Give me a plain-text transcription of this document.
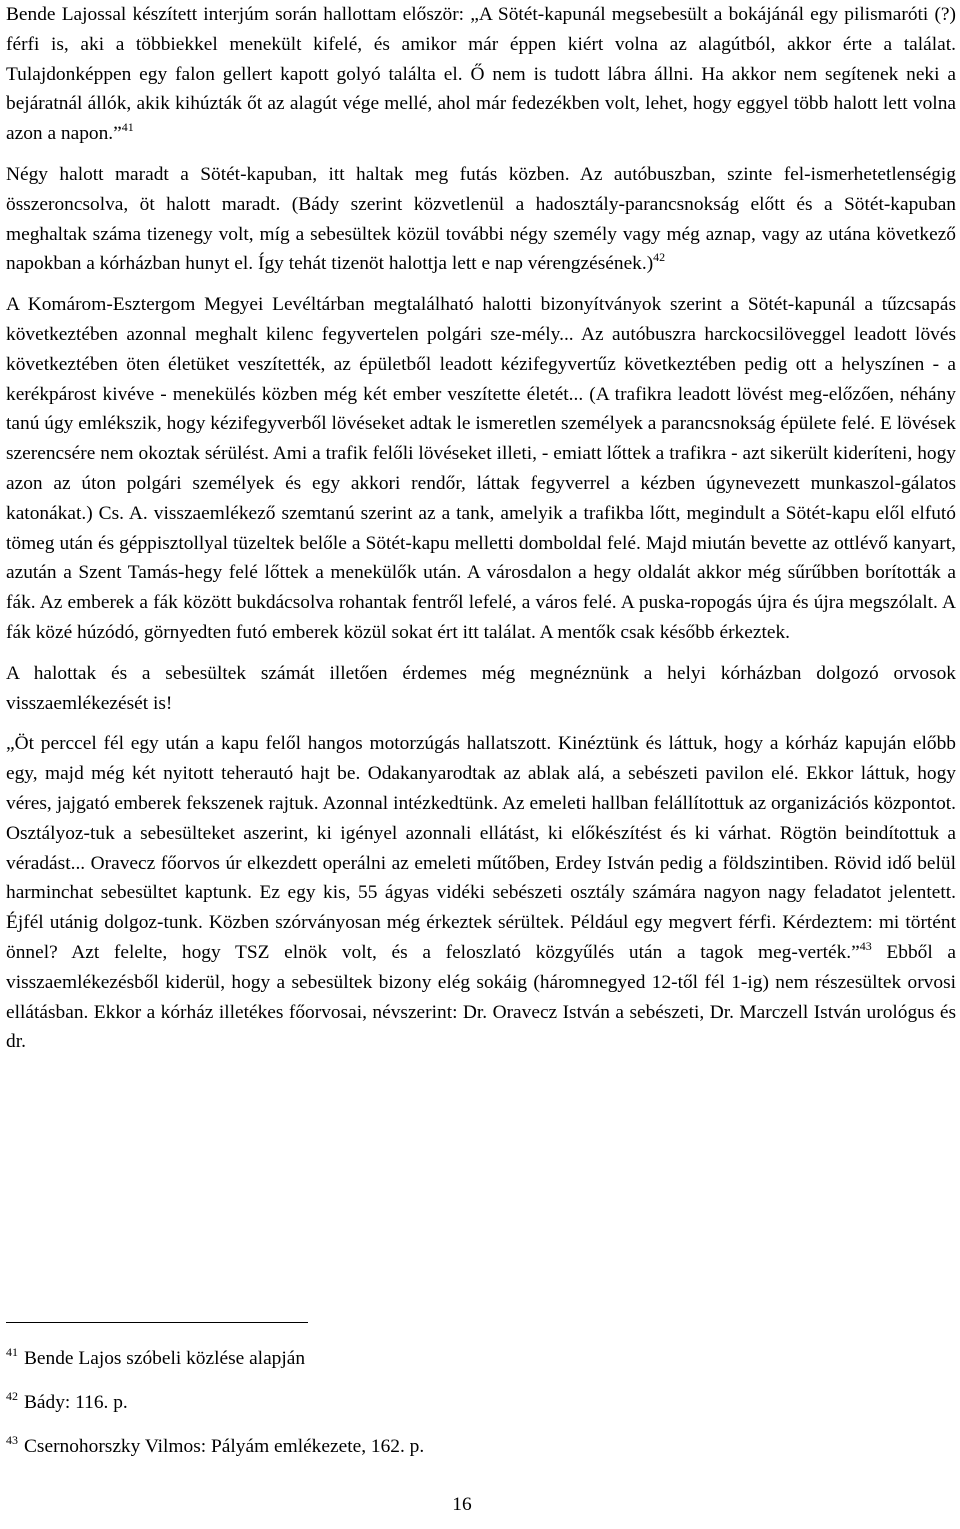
Bende Lajossal készített interjúm során hallottam először: „A Sötét-kapunál megsebesült a bokájánál egy pilismaróti (?) férfi is, aki a többiekkel menekült kifelé, és amikor már éppen kiért volna az alagútból, akkor érte a találat. Tulajdonképpen egy falon gellert kapott golyó találta el. Ő nem is tudott lábra állni. Ha akkor nem segítenek neki a bejáratnál állók, akik kihúzták őt az alagút vége mellé, ahol már fedezékben volt, lehet, hogy eggyel több halott lett volna azon a napon.”$^{41}$

Négy halott maradt a Sötét-kapuban, itt haltak meg futás közben. Az autóbuszban, szinte fel-ismerhetetlenségig összeroncsolva, öt halott maradt. (Bády szerint közvetlenül a hadosztály-parancsnokság előtt és a Sötét-kapuban meghaltak száma tizenegy volt, míg a sebesültek közül további négy személy vagy még aznap, vagy az utána következő napokban a kórházban hunyt el. Így tehát tizenöt halottja lett e nap vérengzésének.)$^{42}$

A Komárom-Esztergom Megyei Levéltárban megtalálható halotti bizonyítványok szerint a Sötét-kapunál a tűzcsapás következtében azonnal meghalt kilenc fegyvertelen polgári sze-mély... Az autóbuszra harckocsilöveggel leadott lövés következtében öten életüket veszítették, az épületből leadott kézifegyvertűz következtében pedig ott a helyszínen - a kerékpárost kivéve - menekülés közben még két ember veszítette életét... (A trafikra leadott lövést meg-előzően, néhány tanú úgy emlékszik, hogy kézifegyverből lövéseket adtak le ismeretlen személyek a parancsnokság épülete felé. E lövések szerencsére nem okoztak sérülést. Ami a trafik felőli lövéseket illeti, - emiatt lőttek a trafikra - azt sikerült kideríteni, hogy azon az úton polgári személyek és egy akkori rendőr, láttak fegyverrel a kézben úgynevezett munkaszol-gálatos katonákat.) Cs. A. visszaemlékező szemtanú szerint az a tank, amelyik a trafikba lőtt, megindult a Sötét-kapu elől elfutó tömeg után és géppisztollyal tüzeltek belőle a Sötét-kapu melletti domboldal felé. Majd miután bevette az ottlévő kanyart, azután a Szent Tamás-hegy felé lőttek a menekülők után. A városdalon a hegy oldalát akkor még sűrűbben borították a fák. Az emberek a fák között bukdácsolva rohantak fentről lefelé, a város felé. A puska-ropogás újra és újra megszólalt. A fák közé húzódó, görnyedten futó emberek közül sokat ért itt találat. A mentők csak később érkeztek.

A halottak és a sebesültek számát illetően érdemes még megnéznünk a helyi kórházban dolgozó orvosok visszaemlékezését is!

„Öt perccel fél egy után a kapu felől hangos motorzúgás hallatszott. Kinéztünk és láttuk, hogy a kórház kapuján előbb egy, majd még két nyitott teherautó hajt be. Odakanyarodtak az ablak alá, a sebészeti pavilon elé. Ekkor láttuk, hogy véres, jajgató emberek fekszenek rajtuk. Azonnal intézkedtünk. Az emeleti hallban felállítottuk az organizációs központot. Osztályoz-tuk a sebesülteket aszerint, ki igényel azonnali ellátást, ki előkészítést és ki várhat. Rögtön beindítottuk a véradást... Oravecz főorvos úr elkezdett operálni az emeleti műtőben, Erdey István pedig a földszintiben. Rövid idő belül harminchat sebesültet kaptunk. Ez egy kis, 55 ágyas vidéki sebészeti osztály számára nagyon nagy feladatot jelentett. Éjfél utánig dolgoz-tunk. Közben szórványosan még érkeztek sérültek. Például egy megvert férfi. Kérdeztem: mi történt önnel? Azt felelte, hogy TSZ elnök volt, és a feloszlató közgyűlés után a tagok meg-verték.”$^{43}$ Ebből a visszaemlékezésből kiderül, hogy a sebesültek bizony elég sokáig (háromnegyed 12-től fél 1-ig) nem részesültek orvosi ellátásban. Ekkor a kórház illetékes főorvosai, névszerint: Dr. Oravecz István a sebészeti, Dr. Marczell István urológus és dr.

$^{41}$ Bende Lajos szóbeli közlése alapján

$^{42}$ Bády: 116. p.

$^{43}$ Csernohorszky Vilmos: Pályám emlékezete, 162. p.

16
